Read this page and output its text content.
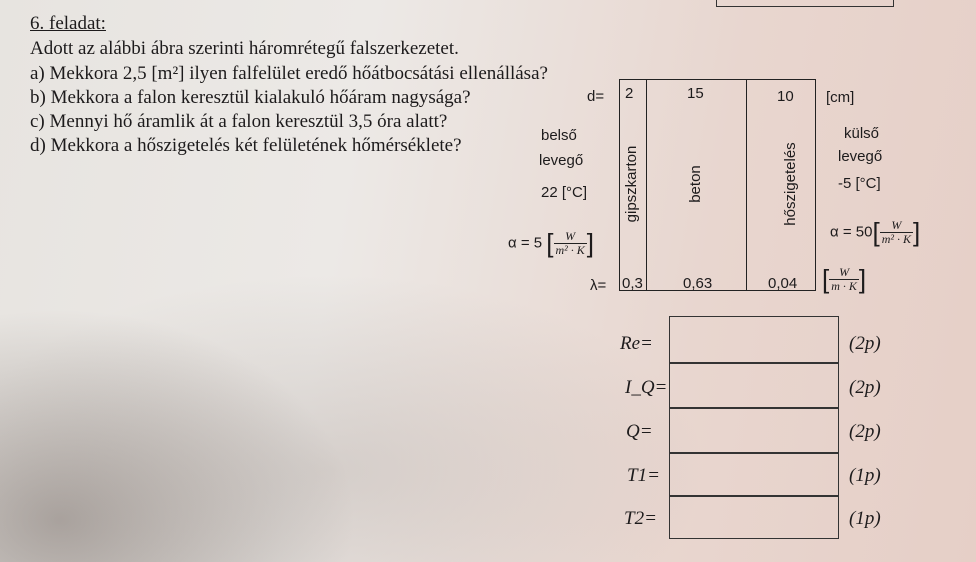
6. feladat:
Adott az alábbi ábra szerinti háromrétegű falszerkezetet.
a) Mekkora 2,5 [m²] ilyen falfelület eredő hőátbocsátási ellenállása?
b) Mekkora a falon keresztül kialakuló hőáram nagysága?
c) Mennyi hő áramlik át a falon keresztül 3,5 óra alatt?
d) Mekkora a hőszigetelés két felületének hőmérséklete?
d= 2	15	10 [cm]
gipszkarton	beton	hőszigetelés
belső
levegő
22 [°C]
külső
levegő
-5 [°C]
α = 5 [ $\frac{W}{\text{m² · K}}$ ]	$\alpha = 50[ \frac{W}{\text{m² · K}}$ ]
λ= 0,3	0,63	0,04 [ $\frac{W}{m \cdot K}$ ]
Re=	(2p)
I_Q=	(2p)
Q=	(2p)
T1=	(1p)
T2=	(1p)
